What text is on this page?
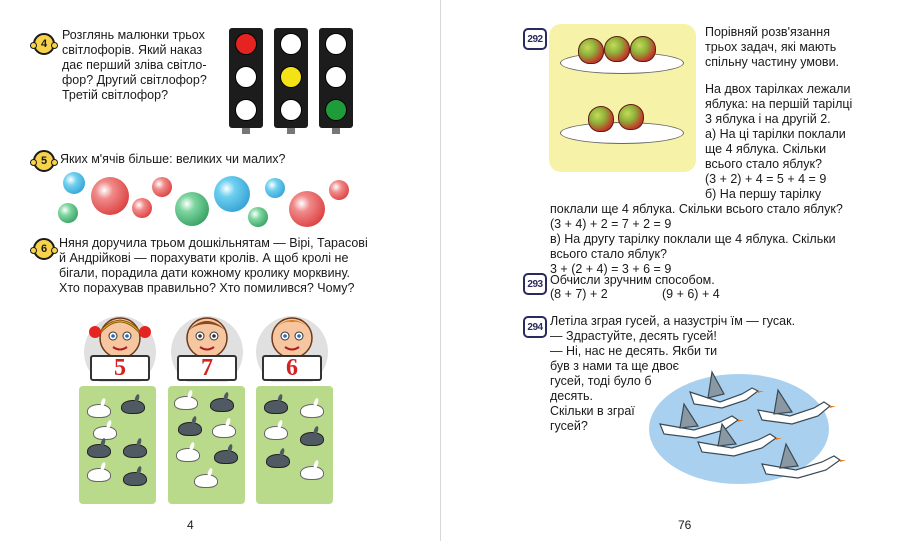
4
Розглянь малюнки трьох
світлофорів. Який наказ
дає перший зліва світло-
фор? Другий світлофор?
Третій світлофор?
5 Яких м'ячів більше: великих чи малих?
6 Няня доручила трьом дошкільнятам — Вірі, Тарасові
й Андрійкові — порахувати кролів. А щоб кролі не
бігали, порадила дати кожному кролику морквину.
Хто порахував правильно? Хто помилився? Чому?
5	7	6
4
292	Порівняй розв'язання
трьох задач, які мають
спільну частину умови.
На двох тарілках лежали
яблука: на першій тарілці
3 яблука і на другій 2.
а) На ці тарілки поклали
ще 4 яблука. Скільки
всього стало яблук?
(3 + 2) + 4 = 5 + 4 = 9
б) На першу тарілку
поклали ще 4 яблука. Скільки всього стало яблук?
(3 + 4) + 2 = 7 + 2 = 9
в) На другу тарілку поклали ще 4 яблука. Скільки
всього стало яблук?
3 + (2 + 4) = 3 + 6 = 9
293 Обчисли зручним способом.
(8 + 7) + 2	(9 + 6) + 4
294 Летіла зграя гусей, а назустріч їм — гусак.
— Здрастуйте, десять гусей!
— Ні, нас не десять. Якби ти
був з нами та ще двоє
гусей, тоді було б
десять.
Скільки в зграї
гусей?
76
